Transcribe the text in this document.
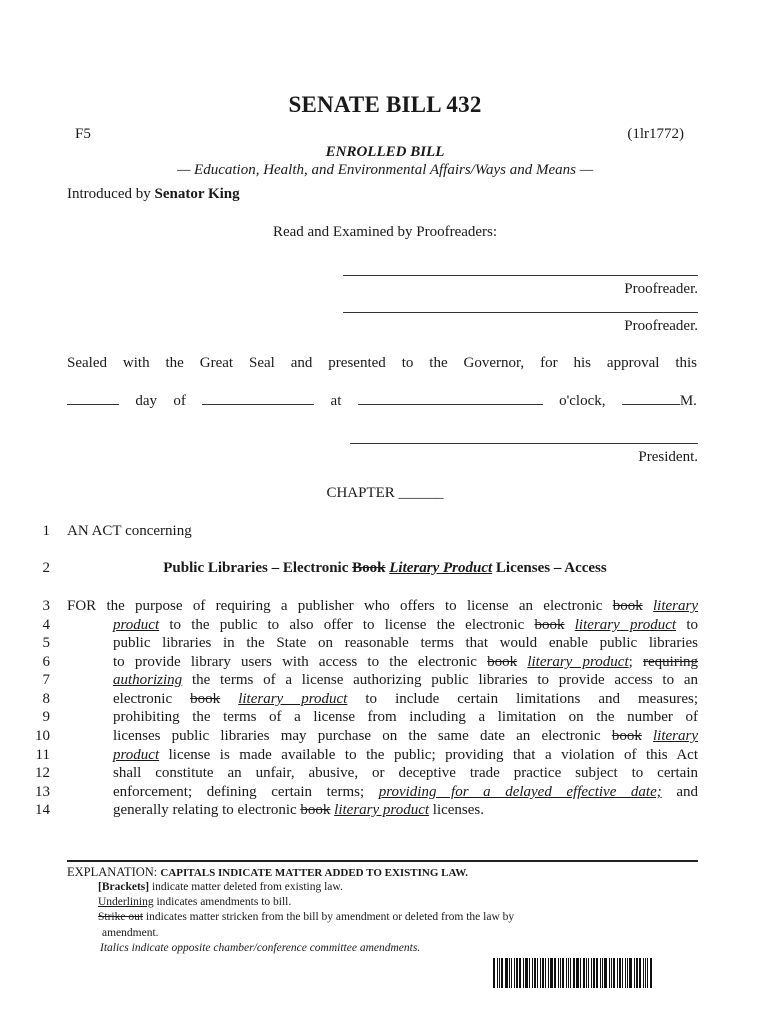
SENATE BILL 432
F5	(1lr1772)
ENROLLED BILL
— Education, Health, and Environmental Affairs/Ways and Means —
Introduced by Senator King
Read and Examined by Proofreaders:
Proofreader.
Proofreader.
Sealed with the Great Seal and presented to the Governor, for his approval this
day of	at	o'clock,	M.
President.
CHAPTER ______
1
2
3
4
5
6
7
8
9
10
11
12
13
14
AN ACT concerning
Public Libraries – Electronic Book Literary Product Licenses – Access
FOR the purpose of requiring a publisher who offers to license an electronic book literary
product to the public to also offer to license the electronic book literary product to
public libraries in the State on reasonable terms that would enable public libraries
to provide library users with access to the electronic book literary product; requiring
authorizing the terms of a license authorizing public libraries to provide access to an
electronic book literary product to include certain limitations and measures;
prohibiting the terms of a license from including a limitation on the number of
licenses public libraries may purchase on the same date an electronic book literary
product license is made available to the public; providing that a violation of this Act
shall constitute an unfair, abusive, or deceptive trade practice subject to certain
enforcement; defining certain terms; providing for a delayed effective date; and
generally relating to electronic book literary product licenses.
EXPLANATION: CAPITALS INDICATE MATTER ADDED TO EXISTING LAW.
[Brackets] indicate matter deleted from existing law.
Underlining indicates amendments to bill.
Strike out indicates matter stricken from the bill by amendment or deleted from the law by
amendment.
Italics indicate opposite chamber/conference committee amendments.
